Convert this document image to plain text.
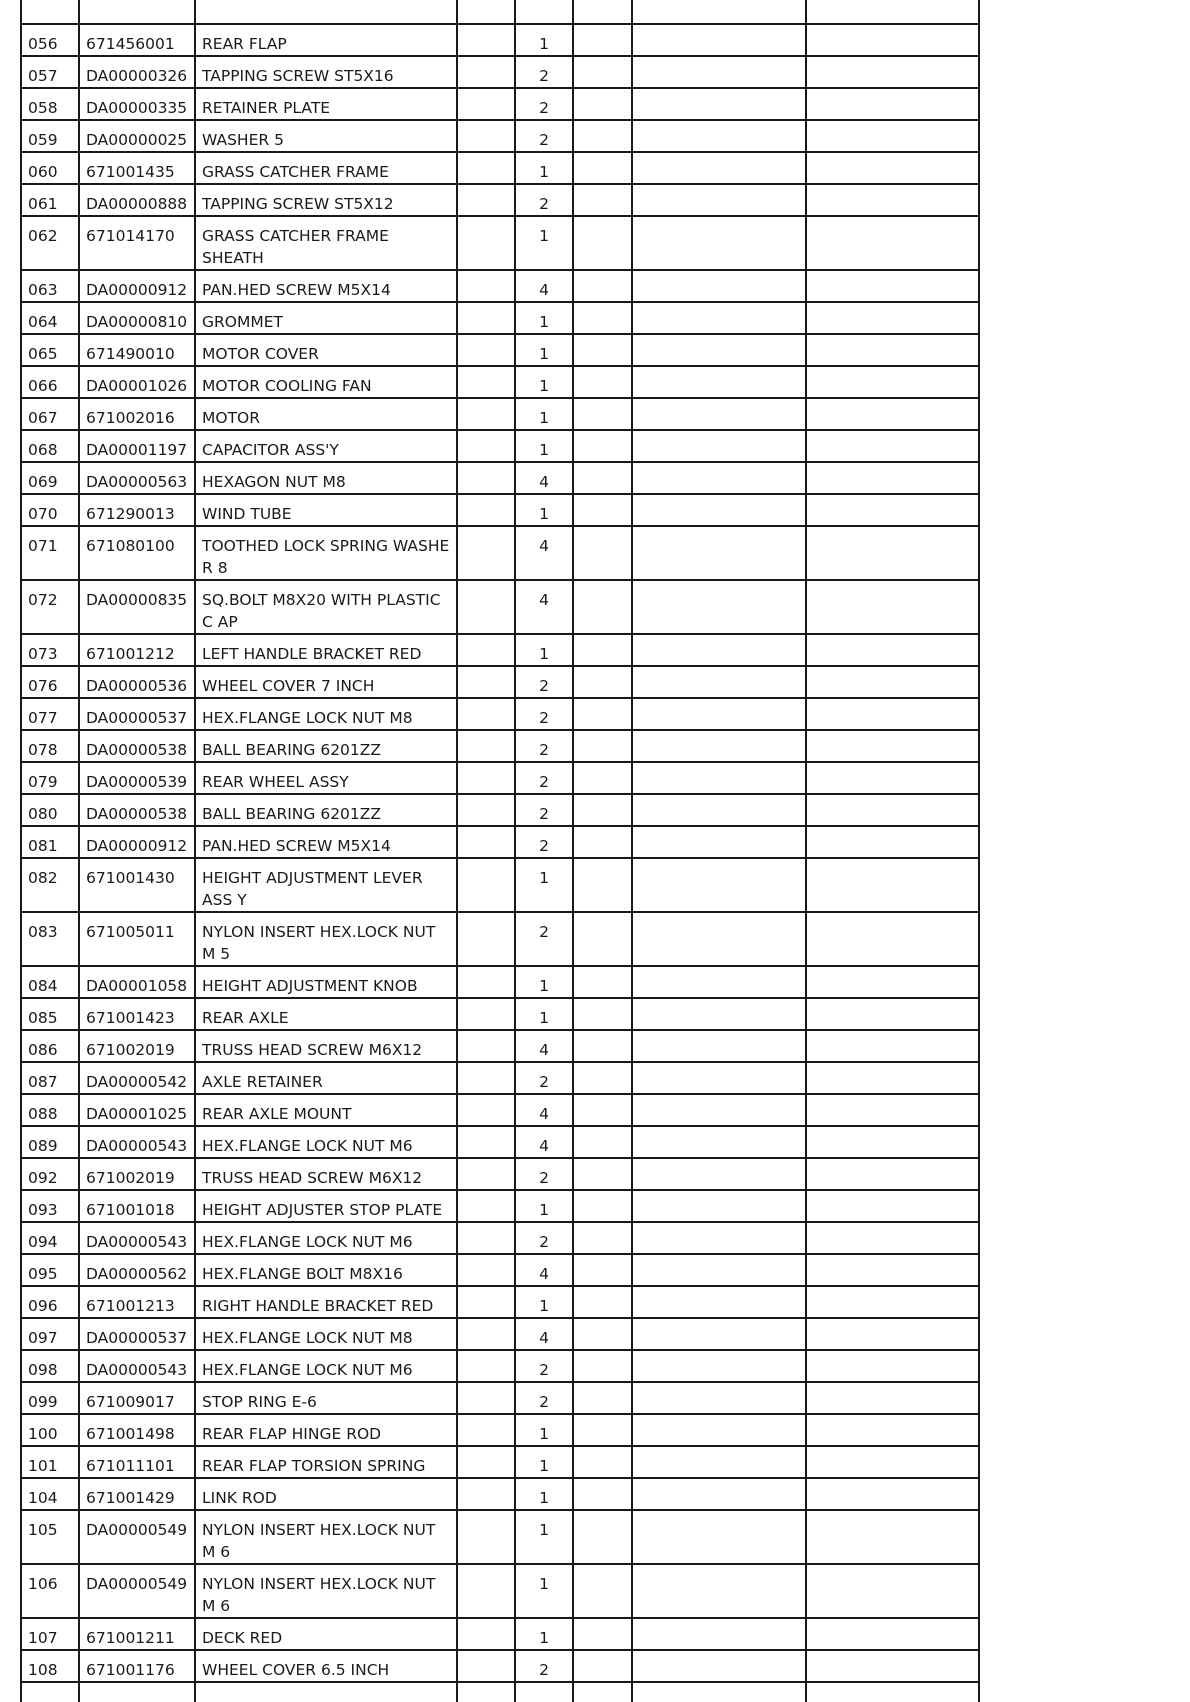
056	671456001	REAR FLAP		1			
057	DA00000326	TAPPING SCREW ST5X16		2			
058	DA00000335	RETAINER PLATE		2			
059	DA00000025	WASHER 5		2			
060	671001435	GRASS CATCHER FRAME		1			
061	DA00000888	TAPPING SCREW ST5X12		2			
062	671014170	GRASS CATCHER FRAME SHEATH		1			
063	DA00000912	PAN.HED SCREW M5X14		4			
064	DA00000810	GROMMET		1			
065	671490010	MOTOR COVER		1			
066	DA00001026	MOTOR COOLING FAN		1			
067	671002016	MOTOR		1			
068	DA00001197	CAPACITOR ASS'Y		1			
069	DA00000563	HEXAGON NUT M8		4			
070	671290013	WIND TUBE		1			
071	671080100	TOOTHED LOCK SPRING WASHE R 8		4			
072	DA00000835	SQ.BOLT M8X20 WITH PLASTIC C AP		4			
073	671001212	LEFT HANDLE BRACKET RED		1			
076	DA00000536	WHEEL COVER 7 INCH		2			
077	DA00000537	HEX.FLANGE LOCK NUT M8		2			
078	DA00000538	BALL BEARING 6201ZZ		2			
079	DA00000539	REAR WHEEL ASSY		2			
080	DA00000538	BALL BEARING 6201ZZ		2			
081	DA00000912	PAN.HED SCREW M5X14		2			
082	671001430	HEIGHT ADJUSTMENT LEVER ASS Y		1			
083	671005011	NYLON INSERT HEX.LOCK NUT M 5		2			
084	DA00001058	HEIGHT ADJUSTMENT KNOB		1			
085	671001423	REAR AXLE		1			
086	671002019	TRUSS HEAD SCREW M6X12		4			
087	DA00000542	AXLE RETAINER		2			
088	DA00001025	REAR AXLE MOUNT		4			
089	DA00000543	HEX.FLANGE LOCK NUT M6		4			
092	671002019	TRUSS HEAD SCREW M6X12		2			
093	671001018	HEIGHT ADJUSTER STOP PLATE		1			
094	DA00000543	HEX.FLANGE LOCK NUT M6		2			
095	DA00000562	HEX.FLANGE BOLT M8X16		4			
096	671001213	RIGHT HANDLE BRACKET RED		1			
097	DA00000537	HEX.FLANGE LOCK NUT M8		4			
098	DA00000543	HEX.FLANGE LOCK NUT M6		2			
099	671009017	STOP RING E-6		2			
100	671001498	REAR FLAP HINGE ROD		1			
101	671011101	REAR FLAP TORSION SPRING		1			
104	671001429	LINK ROD		1			
105	DA00000549	NYLON INSERT HEX.LOCK NUT M 6		1			
106	DA00000549	NYLON INSERT HEX.LOCK NUT M 6		1			
107	671001211	DECK RED		1			
108	671001176	WHEEL COVER 6.5 INCH		2			
